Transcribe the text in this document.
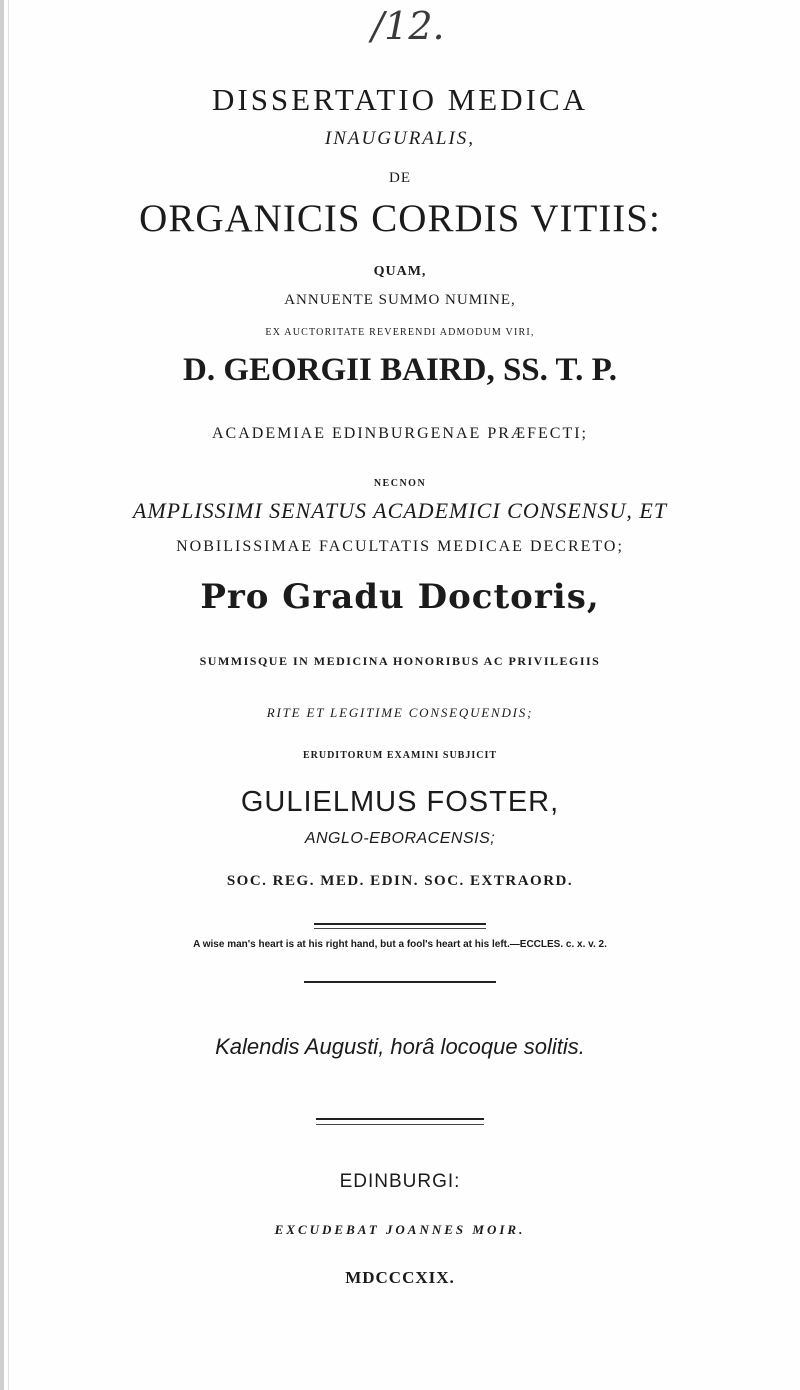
/12.
DISSERTATIO MEDICA
INAUGURALIS,
DE
ORGANICIS CORDIS VITIIS:
QUAM,
ANNUENTE SUMMO NUMINE,
EX AUCTORITATE REVERENDI ADMODUM VIRI,
D. GEORGII BAIRD, SS. T. P.
ACADEMIAE EDINBURGENAE PRÆFECTI;
NECNON
AMPLISSIMI SENATUS ACADEMICI CONSENSU, ET
NOBILISSIMAE FACULTATIS MEDICAE DECRETO;
Pro Gradu Doctoris,
SUMMISQUE IN MEDICINA HONORIBUS AC PRIVILEGIIS
RITE ET LEGITIME CONSEQUENDIS;
ERUDITORUM EXAMINI SUBJICIT
GULIELMUS FOSTER,
ANGLO-EBORACENSIS;
SOC. REG. MED. EDIN. SOC. EXTRAORD.
A wise man's heart is at his right hand, but a fool's heart at his left.—ECCLES. c. x. v. 2.
Kalendis Augusti, horâ locoque solitis.
EDINBURGI:
EXCUDEBAT JOANNES MOIR.
MDCCCXIX.
